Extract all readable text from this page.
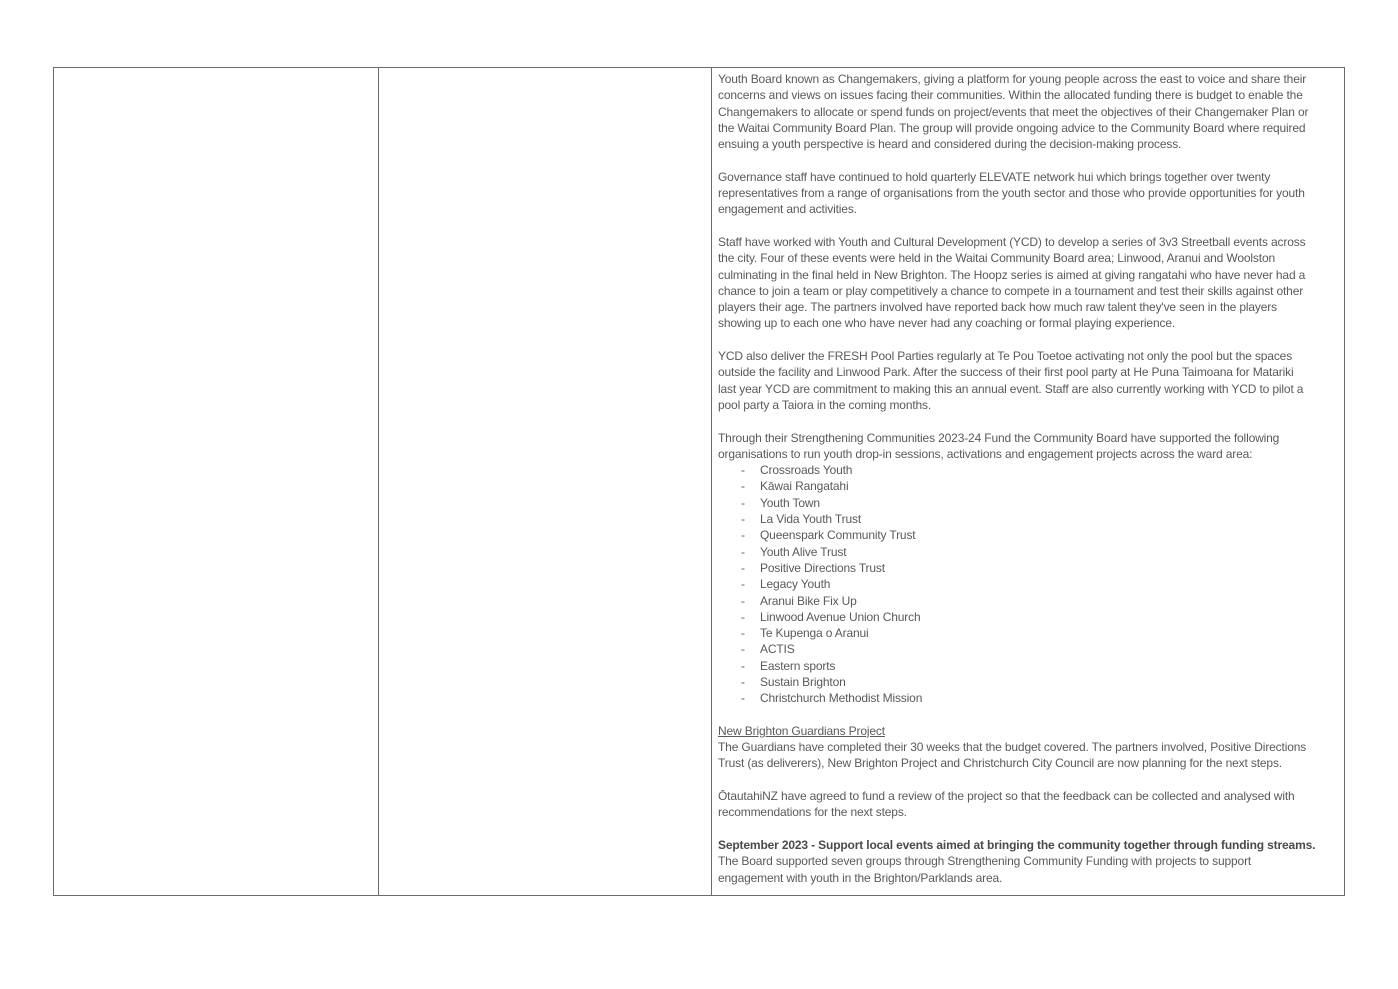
Youth Board known as Changemakers, giving a platform for young people across the east to voice and share their
concerns and views on issues facing their communities. Within the allocated funding there is budget to enable the
Changemakers to allocate or spend funds on project/events that meet the objectives of their Changemaker Plan or
the Waitai Community Board Plan. The group will provide ongoing advice to the Community Board where required
ensuing a youth perspective is heard and considered during the decision-making process.
Governance staff have continued to hold quarterly ELEVATE network hui which brings together over twenty
representatives from a range of organisations from the youth sector and those who provide opportunities for youth
engagement and activities.
Staff have worked with Youth and Cultural Development (YCD) to develop a series of 3v3 Streetball events across
the city. Four of these events were held in the Waitai Community Board area; Linwood, Aranui and Woolston
culminating in the final held in New Brighton. The Hoopz series is aimed at giving rangatahi who have never had a
chance to join a team or play competitively a chance to compete in a tournament and test their skills against other
players their age. The partners involved have reported back how much raw talent they've seen in the players
showing up to each one who have never had any coaching or formal playing experience.
YCD also deliver the FRESH Pool Parties regularly at Te Pou Toetoe activating not only the pool but the spaces
outside the facility and Linwood Park. After the success of their first pool party at He Puna Taimoana for Matariki
last year YCD are commitment to making this an annual event. Staff are also currently working with YCD to pilot a
pool party a Taiora in the coming months.
Through their Strengthening Communities 2023-24 Fund the Community Board have supported the following
organisations to run youth drop-in sessions, activations and engagement projects across the ward area:
- Crossroads Youth
- Kāwai Rangatahi
- Youth Town
- La Vida Youth Trust
- Queenspark Community Trust
- Youth Alive Trust
- Positive Directions Trust
- Legacy Youth
- Aranui Bike Fix Up
- Linwood Avenue Union Church
- Te Kupenga o Aranui
- ACTIS
- Eastern sports
- Sustain Brighton
- Christchurch Methodist Mission
New Brighton Guardians Project
The Guardians have completed their 30 weeks that the budget covered. The partners involved, Positive Directions
Trust (as deliverers), New Brighton Project and Christchurch City Council are now planning for the next steps.
ŌtautahiNZ have agreed to fund a review of the project so that the feedback can be collected and analysed with
recommendations for the next steps.
September 2023 - Support local events aimed at bringing the community together through funding streams.
The Board supported seven groups through Strengthening Community Funding with projects to support
engagement with youth in the Brighton/Parklands area.
